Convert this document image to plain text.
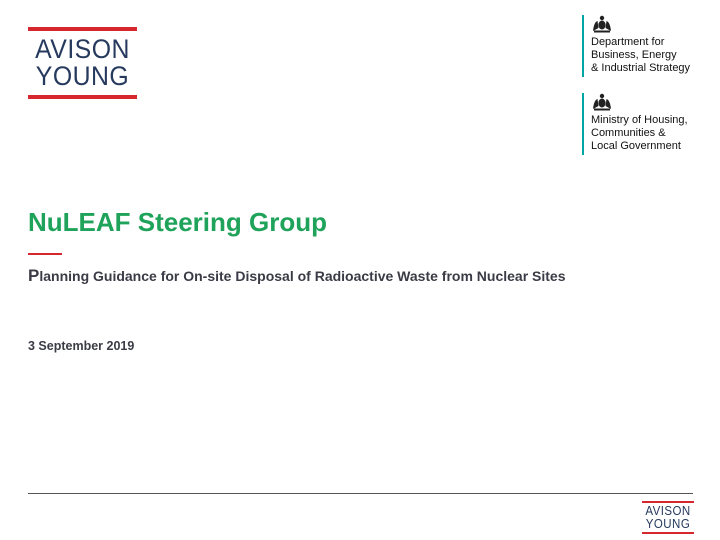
AVISON
YOUNG
Department for
Business, Energy
& Industrial Strategy
Ministry of Housing,
Communities &
Local Government
NuLEAF Steering Group

Planning Guidance for On-site Disposal of Radioactive Waste from Nuclear Sites

3 September 2019

AVISON
YOUNG
